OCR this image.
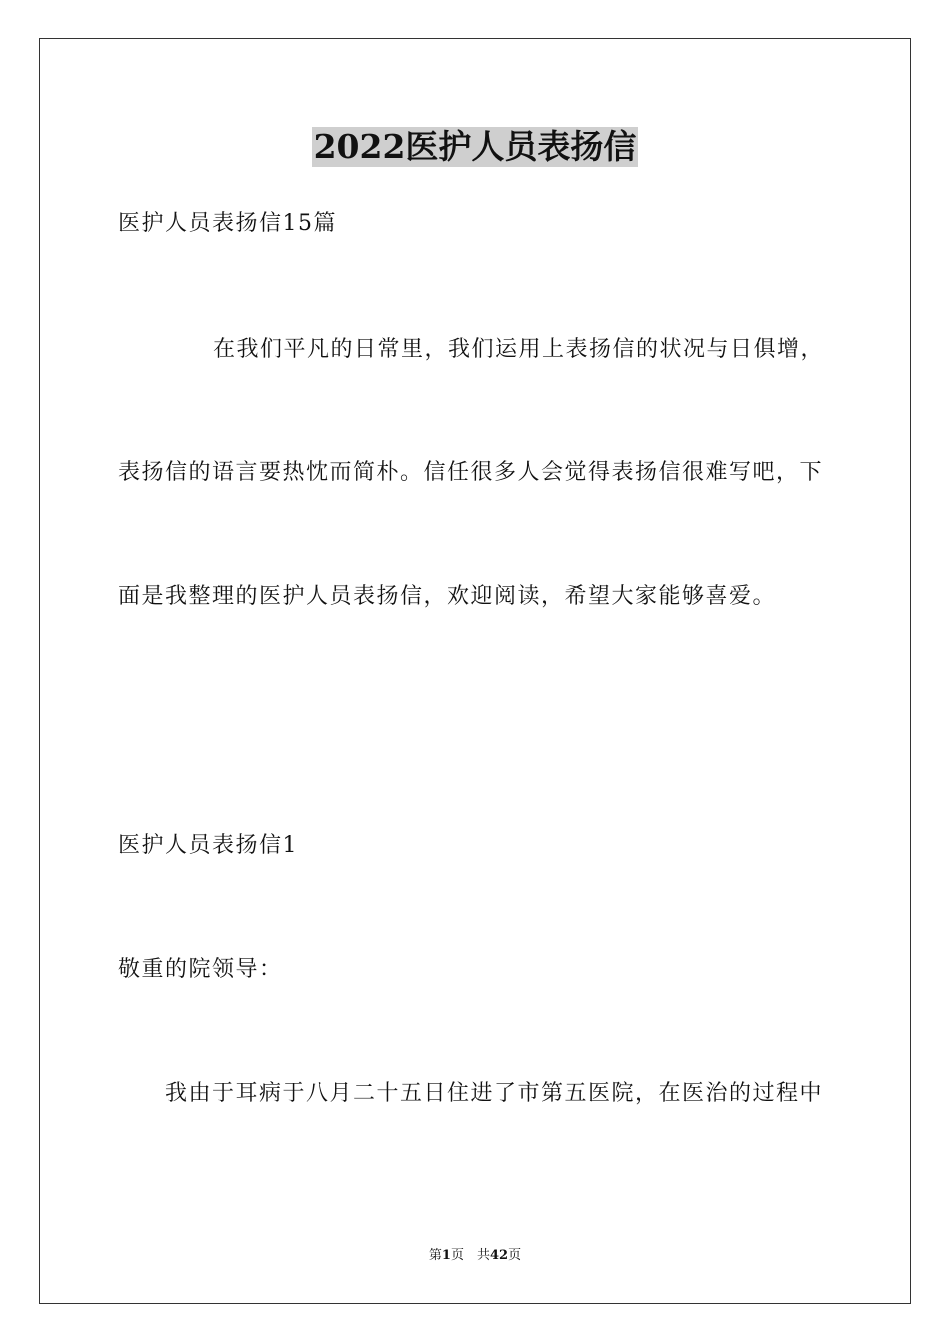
2022医护人员表扬信
医护人员表扬信15篇
在我们平凡的日常里，我们运用上表扬信的状况与日俱增，
表扬信的语言要热忱而简朴。信任很多人会觉得表扬信很难写吧，下
面是我整理的医护人员表扬信，欢迎阅读，希望大家能够喜爱。
医护人员表扬信1
敬重的院领导：
我由于耳病于八月二十五日住进了市第五医院，在医治的过程中
第1页　共42页
